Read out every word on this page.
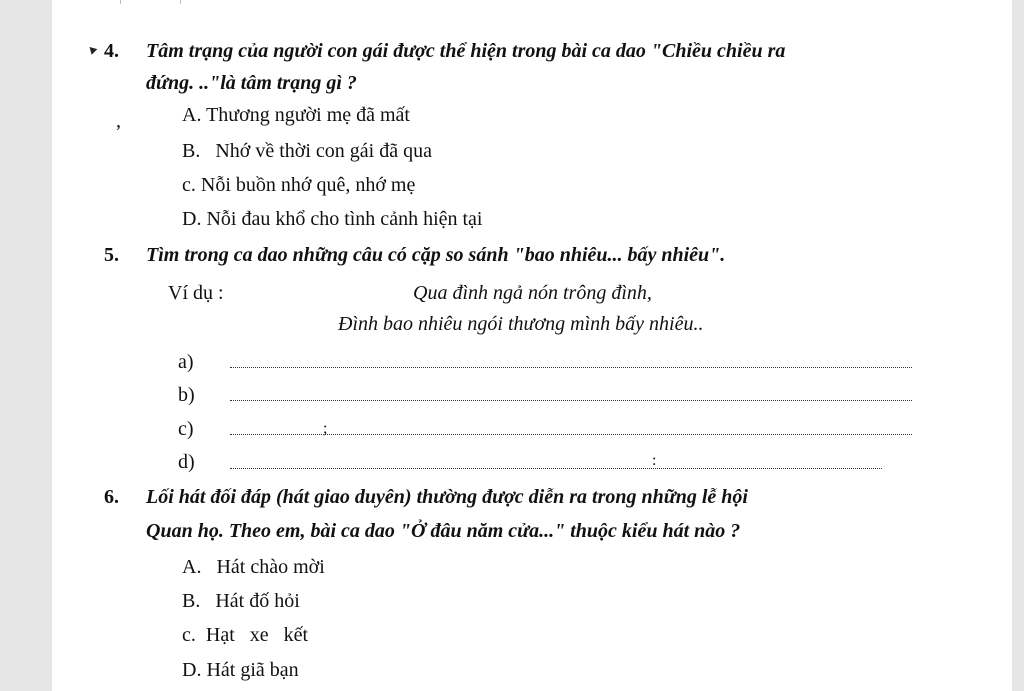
4. Tâm trạng của người con gái được thể hiện trong bài ca dao "Chiều chiều ra
đứng. .."là tâm trạng gì ?
,	A. Thương người mẹ đã mất
B.   Nhớ về thời con gái đã qua
c. Nỗi buồn nhớ quê, nhớ mẹ
D. Nỗi đau khổ cho tình cảnh hiện tại
5. Tìm trong ca dao những câu có cặp so sánh "bao nhiêu... bấy nhiêu".
Ví dụ :	Qua đình ngả nón trông đình,
Đình bao nhiêu ngói thương mình bấy nhiêu..
a)
b)
c)	;
d)	:
6. Lối hát đối đáp (hát giao duyên) thường được diễn ra trong những lễ hội
Quan họ. Theo em, bài ca dao "Ở đâu năm cửa..." thuộc kiểu hát nào ?
A.   Hát chào mời
B.   Hát đố hỏi
c.  Hạt   xe   kết
D. Hát giã bạn
